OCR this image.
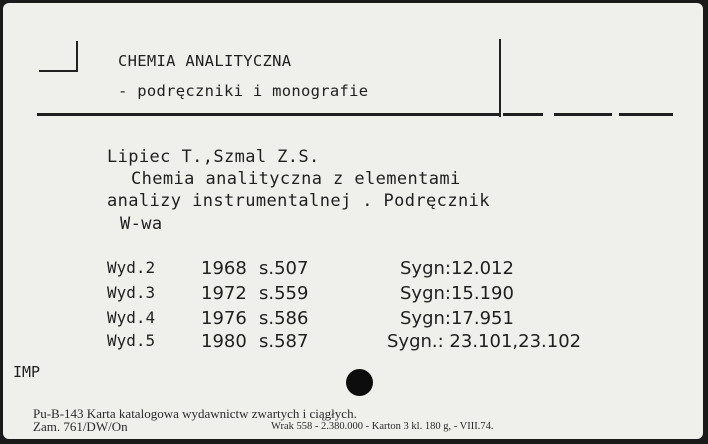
CHEMIA ANALITYCZNA
- podręczniki i monografie
Lipiec T.,Szmal Z.S.
Chemia analityczna z elementami
analizy instrumentalnej . Podręcznik
W-wa
Wyd.2	1968 s.507	Sygn:12.012
Wyd.3	1972 s.559	Sygn:15.190
Wyd.4	1976 s.586	Sygn:17.951
Wyd.5	1980 s.587	Sygn.: 23.101,23.102
IMP
Pu-B-143 Karta katalogowa wydawnictw zwartych i ciągłych.
Zam. 761/DW/On	Wrak 558 - 2.380.000 - Karton 3 kl. 180 g, - VIII.74.
